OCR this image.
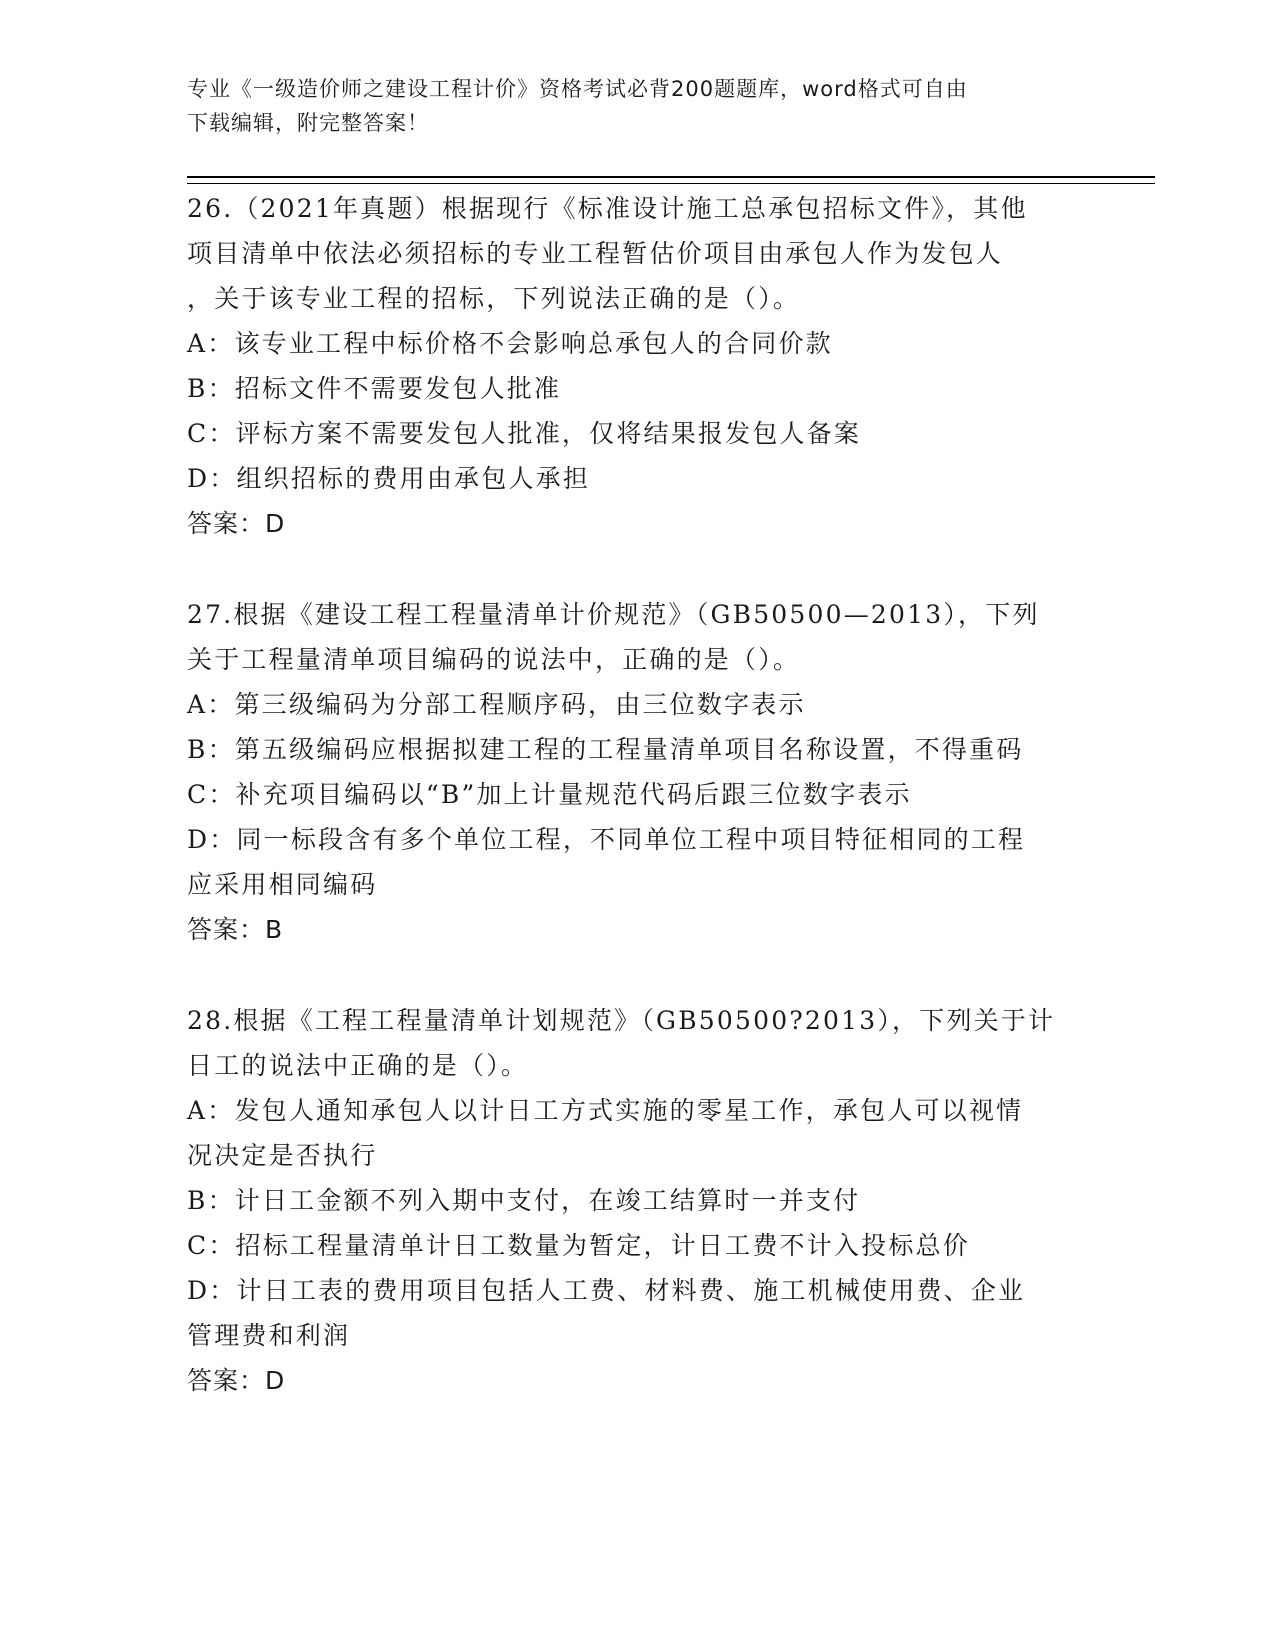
专业《一级造价师之建设工程计价》资格考试必背200题题库，word格式可自由
下载编辑，附完整答案！
26.（2021年真题）根据现行《标准设计施工总承包招标文件》，其他
项目清单中依法必须招标的专业工程暂估价项目由承包人作为发包人
，关于该专业工程的招标，下列说法正确的是（）。
A：该专业工程中标价格不会影响总承包人的合同价款
B：招标文件不需要发包人批准
C：评标方案不需要发包人批准，仅将结果报发包人备案
D：组织招标的费用由承包人承担
答案：D
27.根据《建设工程工程量清单计价规范》（GB50500—2013），下列
关于工程量清单项目编码的说法中，正确的是（）。
A：第三级编码为分部工程顺序码，由三位数字表示
B：第五级编码应根据拟建工程的工程量清单项目名称设置，不得重码
C：补充项目编码以“B”加上计量规范代码后跟三位数字表示
D：同一标段含有多个单位工程，不同单位工程中项目特征相同的工程
应采用相同编码
答案：B
28.根据《工程工程量清单计划规范》（GB50500?2013），下列关于计
日工的说法中正确的是（）。
A：发包人通知承包人以计日工方式实施的零星工作，承包人可以视情
况决定是否执行
B：计日工金额不列入期中支付，在竣工结算时一并支付
C：招标工程量清单计日工数量为暂定，计日工费不计入投标总价
D：计日工表的费用项目包括人工费、材料费、施工机械使用费、企业
管理费和利润
答案：D
